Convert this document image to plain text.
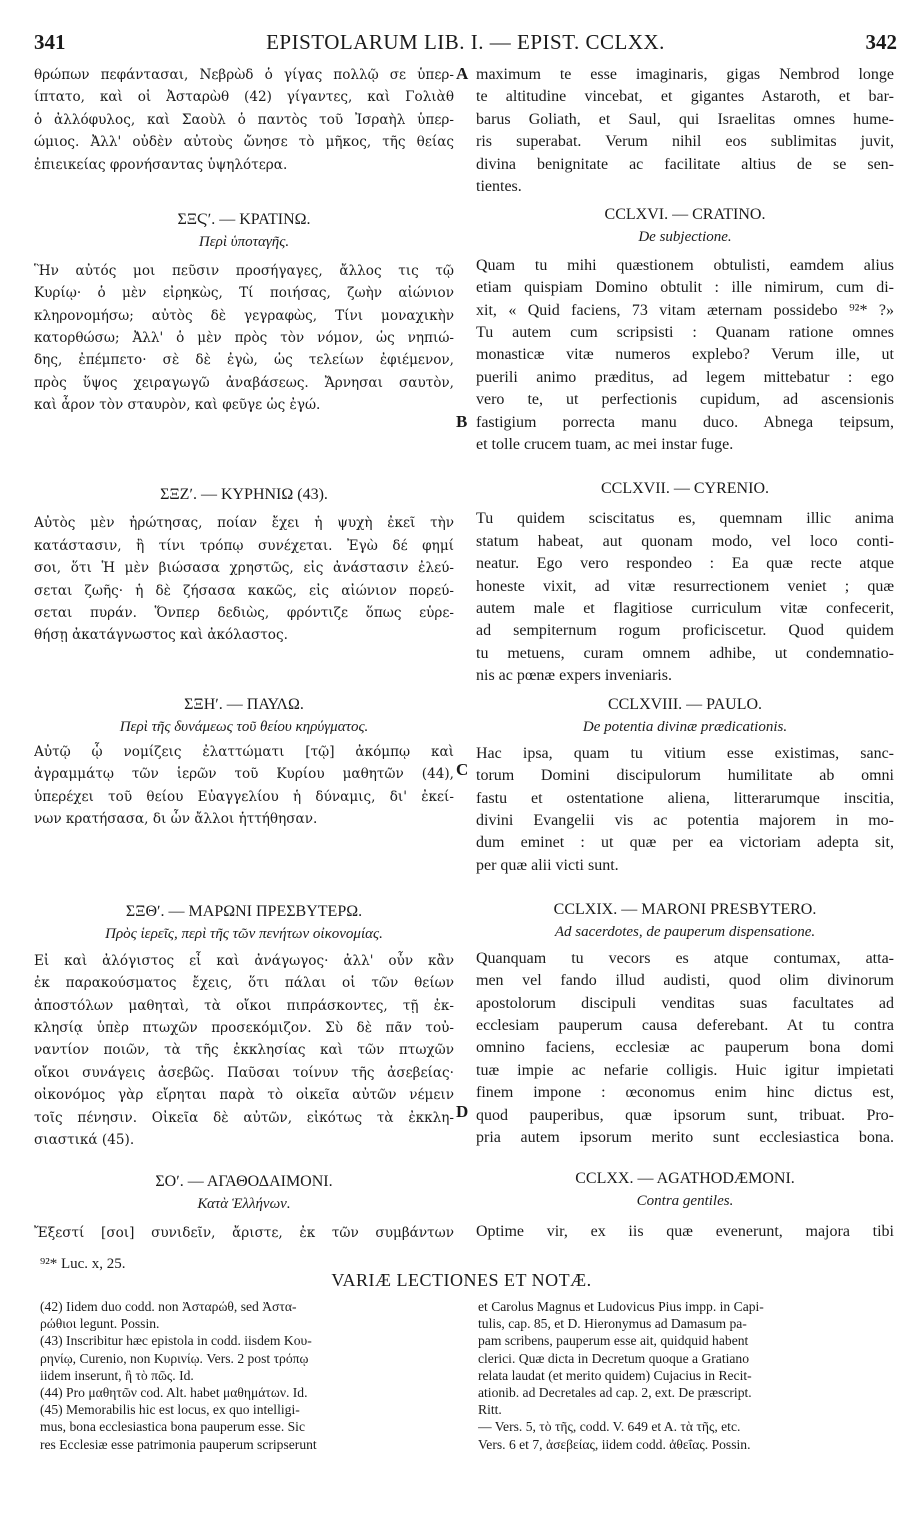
341	EPISTOLARUM LIB. I. — EPIST. CCLXX.	342
θρώπων πεφάντασαι, Νεβρὼδ ὁ γίγας πολλῷ σε ὑπερ-
ίπτατο, καὶ οἱ Ἀσταρὼθ (42) γίγαντες, καὶ Γολιὰθ
ὁ ἀλλόφυλος, καὶ Σαοὺλ ὁ παντὸς τοῦ Ἰσραὴλ ὑπερ-
ώμιος. Ἀλλ' οὐδὲν αὐτοὺς ὤνησε τὸ μῆκος, τῆς θείας
ἐπιεικείας φρονήσαντας ὑψηλότερα.
ΣΞϚʹ. — ΚΡΑΤΙΝΩ.
Περὶ ὑποταγῆς.
Ἣν αὐτός μοι πεῦσιν προσήγαγες, ἄλλος τις τῷ
Κυρίῳ· ὁ μὲν εἰρηκὼς, Τί ποιήσας, ζωὴν αἰώνιον
κληρονομήσω; αὐτὸς δὲ γεγραφὼς, Τίνι μοναχικὴν
κατορθώσω; Ἀλλ' ὁ μὲν πρὸς τὸν νόμον, ὡς νηπιώ-
δης, ἐπέμπετο· σὲ δὲ ἐγὼ, ὡς τελείων ἐφιέμενον,
πρὸς ὕψος χειραγωγῶ ἀναβάσεως. Ἄρνησαι σαυτὸν,
καὶ ἆρον τὸν σταυρὸν, καὶ φεῦγε ὡς ἐγώ.
ΣΞΖʹ. — ΚΥΡΗΝΙΩ (43).
Αὐτὸς μὲν ἠρώτησας, ποίαν ἔχει ἡ ψυχὴ ἐκεῖ τὴν
κατάστασιν, ἢ τίνι τρόπῳ συνέχεται. Ἐγὼ δέ φημί
σοι, ὅτι Ἡ μὲν βιώσασα χρηστῶς, εἰς ἀνάστασιν ἐλεύ-
σεται ζωῆς· ἡ δὲ ζήσασα κακῶς, εἰς αἰώνιον πορεύ-
σεται πυράν. Ὅνπερ δεδιὼς, φρόντιζε ὅπως εὑρε-
θήσῃ ἀκατάγνωστος καὶ ἀκόλαστος.
ΣΞΗʹ. — ΠΑΥΛΩ.
Περὶ τῆς δυνάμεως τοῦ θείου κηρύγματος.
Αὐτῷ ᾧ νομίζεις ἐλαττώματι [τῷ] ἀκόμπῳ καὶ
ἀγραμμάτῳ τῶν ἱερῶν τοῦ Κυρίου μαθητῶν (44),
ὑπερέχει τοῦ θείου Εὐαγγελίου ἡ δύναμις, δι' ἐκεί-
νων κρατήσασα, δι ὧν ἄλλοι ἡττήθησαν.
ΣΞΘʹ. — ΜΑΡΩΝΙ ΠΡΕΣΒΥΤΕΡΩ.
Πρὸς ἱερεῖς, περὶ τῆς τῶν πενήτων οἰκονομίας.
Εἰ καὶ ἀλόγιστος εἶ καὶ ἀνάγωγος· ἀλλ' οὖν κἂν
ἐκ παρακούσματος ἔχεις, ὅτι πάλαι οἱ τῶν θείων
ἀποστόλων μαθηταὶ, τὰ οἴκοι πιπράσκοντες, τῇ ἐκ-
κλησίᾳ ὑπὲρ πτωχῶν προσεκόμιζον. Σὺ δὲ πᾶν τοὐ-
ναντίον ποιῶν, τὰ τῆς ἐκκλησίας καὶ τῶν πτωχῶν
οἴκοι συνάγεις ἀσεβῶς. Παῦσαι τοίνυν τῆς ἀσεβείας·
οἰκονόμος γὰρ εἴρηται παρὰ τὸ οἰκεῖα αὐτῶν νέμειν
τοῖς πένησιν. Οἰκεῖα δὲ αὐτῶν, εἰκότως τὰ ἐκκλη-
σιαστικά (45).
ΣΟʹ. — ΑΓΑΘΟΔΑΙΜΟΝΙ.
Κατὰ Ἑλλήνων.
Ἔξεστί [σοι] συνιδεῖν, ἄριστε, ἐκ τῶν συμβάντων
⁹²* Luc. x, 25.
A
B
C
D
maximum te esse imaginaris, gigas Nembrod longe
te altitudine vincebat, et gigantes Astaroth, et bar-
barus Goliath, et Saul, qui Israelitas omnes hume-
ris superabat. Verum nihil eos sublimitas juvit,
divina benignitate ac facilitate altius de se sen-
tientes.
CCLXVI. — CRATINO.
De subjectione.
Quam tu mihi quæstionem obtulisti, eamdem alius
etiam quispiam Domino obtulit : ille nimirum, cum di-
xit, « Quid faciens, 73 vitam æternam possidebo ⁹²* ?»
Tu autem cum scripsisti : Quanam ratione omnes
monasticæ vitæ numeros explebo? Verum ille, ut
puerili animo præditus, ad legem mittebatur : ego
vero te, ut perfectionis cupidum, ad ascensionis
fastigium porrecta manu duco. Abnega teipsum,
et tolle crucem tuam, ac mei instar fuge.
CCLXVII. — CYRENIO.
Tu quidem sciscitatus es, quemnam illic anima
statum habeat, aut quonam modo, vel loco conti-
neatur. Ego vero respondeo : Ea quæ recte atque
honeste vixit, ad vitæ resurrectionem veniet ; quæ
autem male et flagitiose curriculum vitæ confecerit,
ad sempiternum rogum proficiscetur. Quod quidem
tu metuens, curam omnem adhibe, ut condemnatio-
nis ac pœnæ expers inveniaris.
CCLXVIII. — PAULO.
De potentia divinæ prædicationis.
Hac ipsa, quam tu vitium esse existimas, sanc-
torum Domini discipulorum humilitate ab omni
fastu et ostentatione aliena, litterarumque inscitia,
divini Evangelii vis ac potentia majorem in mo-
dum eminet : ut quæ per ea victoriam adepta sit,
per quæ alii victi sunt.
CCLXIX. — MARONI PRESBYTERO.
Ad sacerdotes, de pauperum dispensatione.
Quanquam tu vecors es atque contumax, atta-
men vel fando illud audisti, quod olim divinorum
apostolorum discipuli venditas suas facultates ad
ecclesiam pauperum causa deferebant. At tu contra
omnino faciens, ecclesiæ ac pauperum bona domi
tuæ impie ac nefarie colligis. Huic igitur impietati
finem impone : œconomus enim hinc dictus est,
quod pauperibus, quæ ipsorum sunt, tribuat. Pro-
pria autem ipsorum merito sunt ecclesiastica bona.
CCLXX. — AGATHODÆMONI.
Contra gentiles.
Optime vir, ex iis quæ evenerunt, majora tibi
VARIÆ LECTIONES ET NOTÆ.
(42) Iidem duo codd. non Ἀσταρώθ, sed Ἀστα-
ρώθιοι legunt. Possin.
(43) Inscribitur hæc epistola in codd. iisdem Κου-
ρηνίῳ, Curenio, non Κυρινίῳ. Vers. 2 post τρόπῳ
iidem inserunt, ἢ τὸ πῶς. Id.
(44) Pro μαθητῶν cod. Alt. habet μαθημάτων. Id.
(45) Memorabilis hic est locus, ex quo intelligi-
mus, bona ecclesiastica bona pauperum esse. Sic
res Ecclesiæ esse patrimonia pauperum scripserunt
et Carolus Magnus et Ludovicus Pius impp. in Capi-
tulis, cap. 85, et D. Hieronymus ad Damasum pa-
pam scribens, pauperum esse ait, quidquid habent
clerici. Quæ dicta in Decretum quoque a Gratiano
relata laudat (et merito quidem) Cujacius in Recit-
ationib. ad Decretales ad cap. 2, ext. De præscript.
Ritt.
— Vers. 5, τὸ τῆς, codd. V. 649 et A. τὰ τῆς, etc.
Vers. 6 et 7, ἀσεβείας, iidem codd. ἀθεΐας. Possin.
